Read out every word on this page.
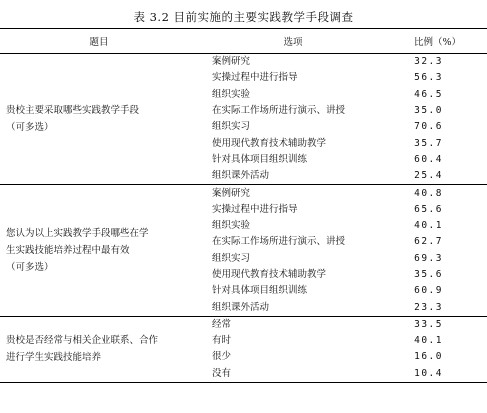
表 3.2 目前实施的主要实践教学手段调查
题目	选项	比例（%）

贵校主要采取哪些实践教学手段
（可多选）	案例研究	32.3
	实操过程中进行指导	56.3
	组织实验	46.5
	在实际工作场所进行演示、讲授	35.0
	组织实习	70.6
	使用现代教育技术辅助教学	35.7
	针对具体项目组织训练	60.4
	组织课外活动	25.4

您认为以上实践教学手段哪些在学
生实践技能培养过程中最有效
（可多选）	案例研究	40.8
	实操过程中进行指导	65.6
	组织实验	40.1
	在实际工作场所进行演示、讲授	62.7
	组织实习	69.3
	使用现代教育技术辅助教学	35.6
	针对具体项目组织训练	60.9
	组织课外活动	23.3

贵校是否经常与相关企业联系、合作
进行学生实践技能培养	经常	33.5
	有时	40.1
	很少	16.0
	没有	10.4
